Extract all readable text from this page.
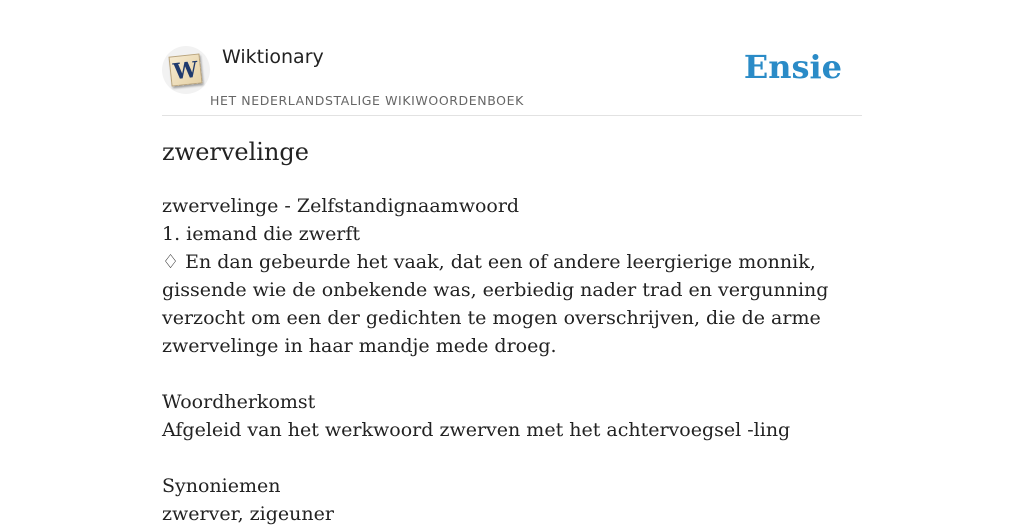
W Wiktionary
HET NEDERLANDSTALIGE WIKIWOORDENBOEK
Ensie
zwervelinge

zwervelinge - Zelfstandignaamwoord

1. iemand die zwerft

♢ En dan gebeurde het vaak, dat een of andere leergierige monnik, gissende wie de onbekende was, eerbiedig nader trad en vergunning verzocht om een der gedichten te mogen overschrijven, die de arme zwervelinge in haar mandje mede droeg.

Woordherkomst

Afgeleid van het werkwoord zwerven met het achtervoegsel -ling

Synoniemen

zwerver, zigeuner
